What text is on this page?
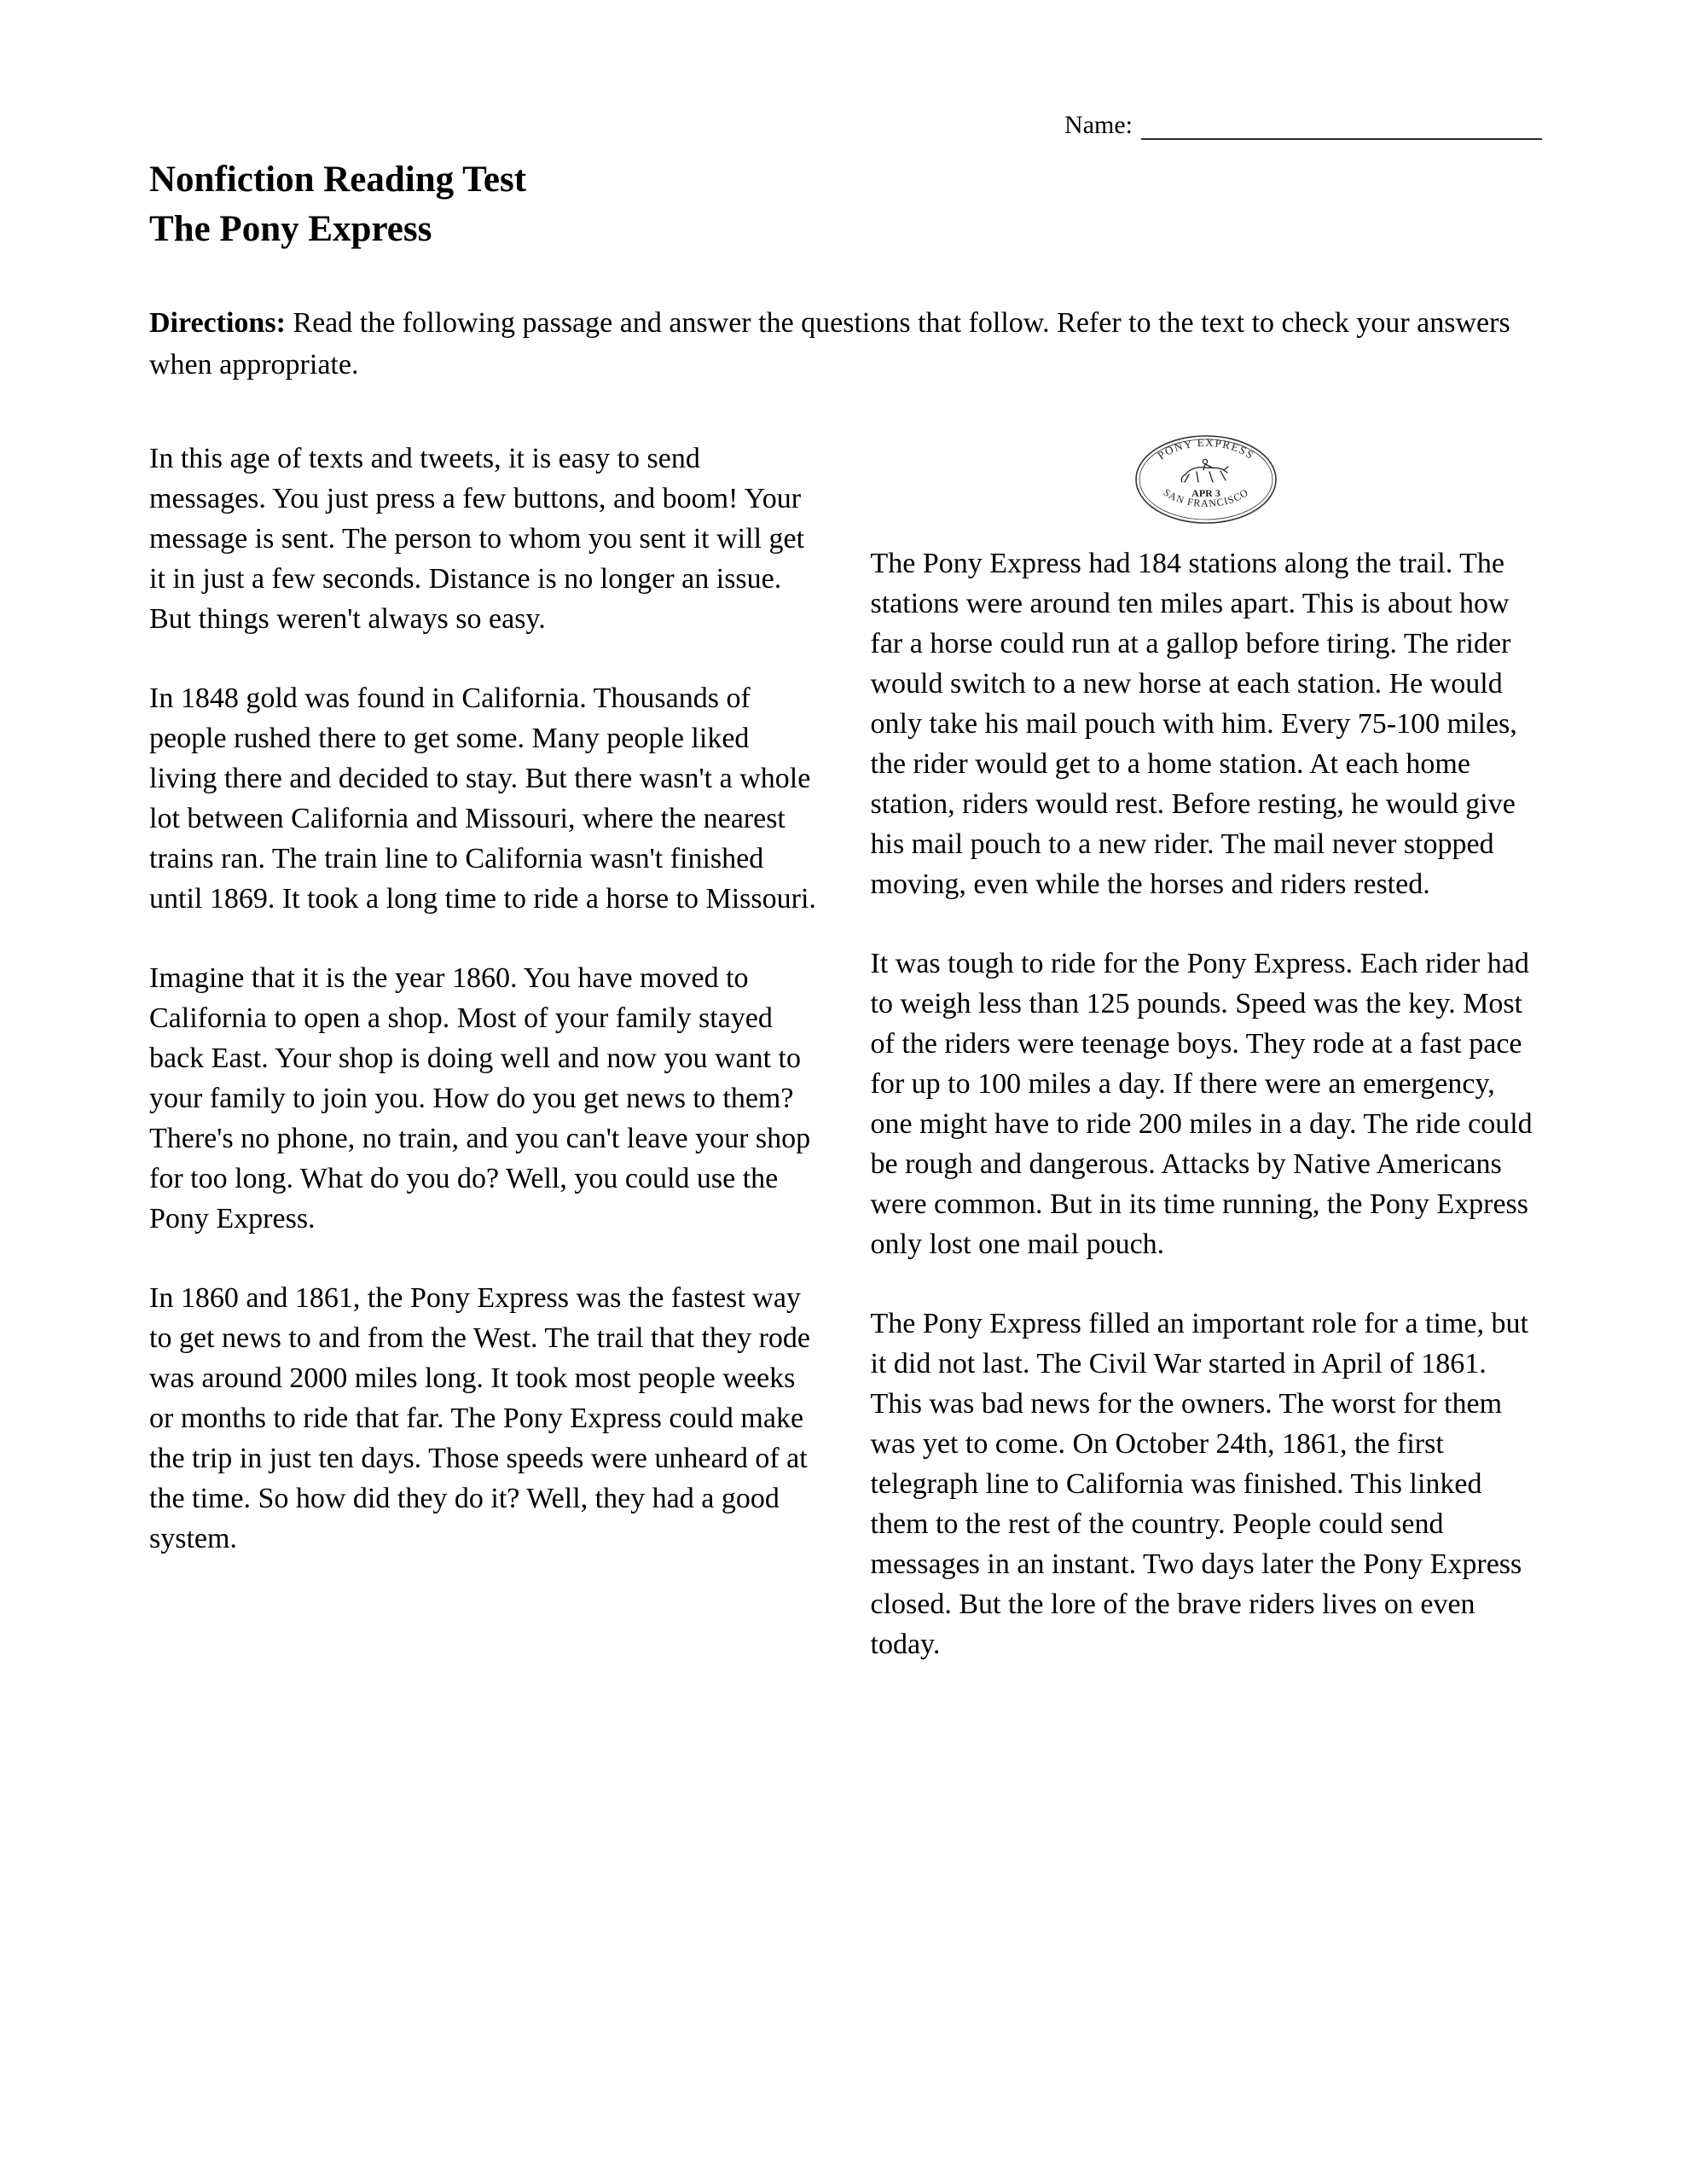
Name:
Nonfiction Reading Test
The Pony Express

Directions: Read the following passage and answer the questions that follow. Refer to the text to check your answers when appropriate.

In this age of texts and tweets, it is easy to send messages. You just press a few buttons, and boom! Your message is sent. The person to whom you sent it will get it in just a few seconds. Distance is no longer an issue. But things weren't always so easy.

In 1848 gold was found in California. Thousands of people rushed there to get some. Many people liked living there and decided to stay. But there wasn't a whole lot between California and Missouri, where the nearest trains ran. The train line to California wasn't finished until 1869. It took a long time to ride a horse to Missouri.

Imagine that it is the year 1860. You have moved to California to open a shop. Most of your family stayed back East. Your shop is doing well and now you want to your family to join you. How do you get news to them? There's no phone, no train, and you can't leave your shop for too long. What do you do? Well, you could use the Pony Express.

In 1860 and 1861, the Pony Express was the fastest way to get news to and from the West. The trail that they rode was around 2000 miles long. It took most people weeks or months to ride that far. The Pony Express could make the trip in just ten days. Those speeds were unheard of at the time. So how did they do it? Well, they had a good system.

PONY EXPRESS
SAN FRANCISCO
APR 3

The Pony Express had 184 stations along the trail. The stations were around ten miles apart. This is about how far a horse could run at a gallop before tiring. The rider would switch to a new horse at each station. He would only take his mail pouch with him. Every 75-100 miles, the rider would get to a home station. At each home station, riders would rest. Before resting, he would give his mail pouch to a new rider. The mail never stopped moving, even while the horses and riders rested.

It was tough to ride for the Pony Express. Each rider had to weigh less than 125 pounds. Speed was the key. Most of the riders were teenage boys. They rode at a fast pace for up to 100 miles a day. If there were an emergency, one might have to ride 200 miles in a day. The ride could be rough and dangerous. Attacks by Native Americans were common. But in its time running, the Pony Express only lost one mail pouch.

The Pony Express filled an important role for a time, but it did not last. The Civil War started in April of 1861. This was bad news for the owners. The worst for them was yet to come. On October 24th, 1861, the first telegraph line to California was finished. This linked them to the rest of the country. People could send messages in an instant. Two days later the Pony Express closed. But the lore of the brave riders lives on even today.
